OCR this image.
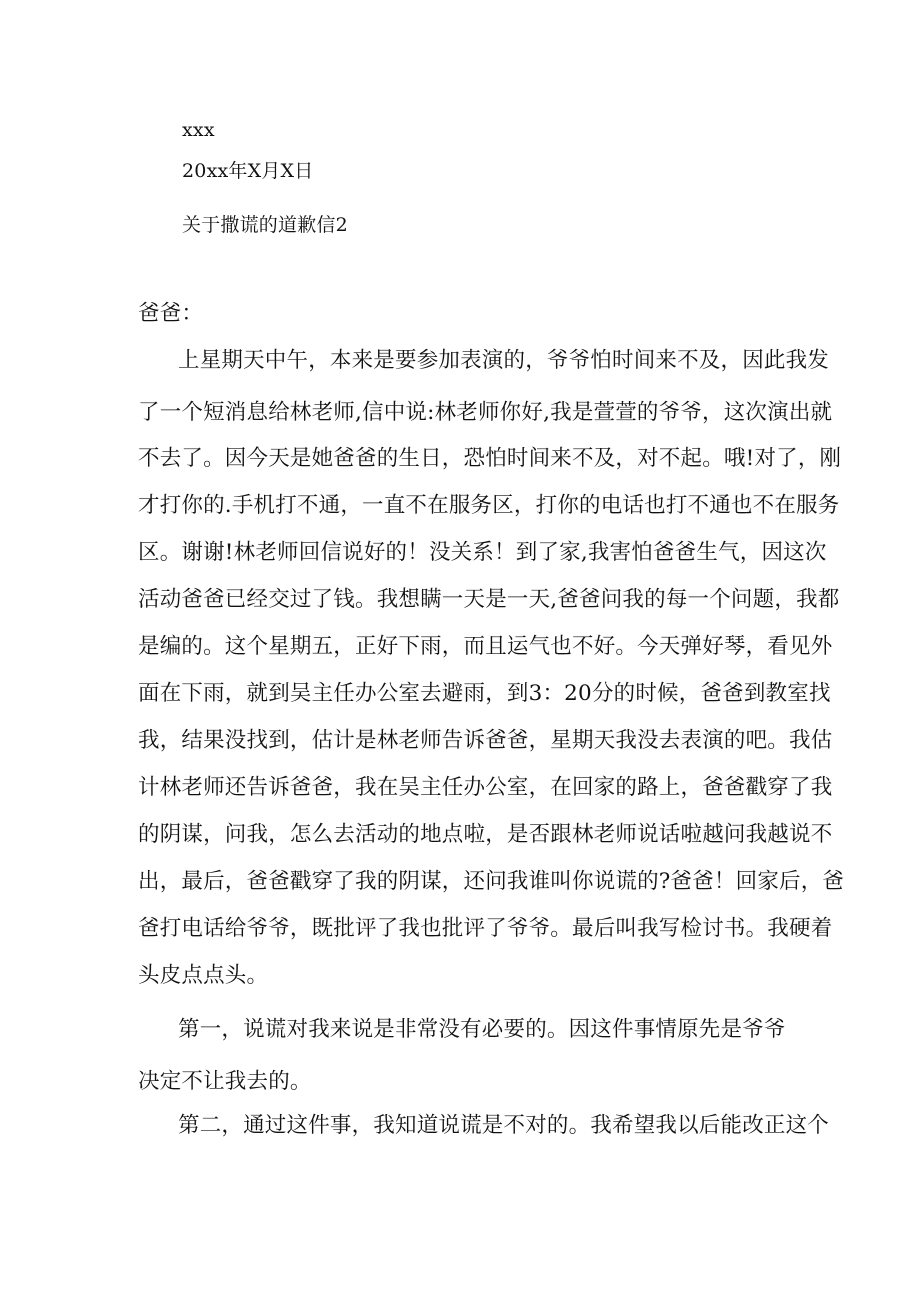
xxx
20xx年X月X日
关于撒谎的道歉信2
爸爸：
上星期天中午，本来是要参加表演的，爷爷怕时间来不及，因此我发
了一个短消息给林老师,信中说:林老师你好,我是萱萱的爷爷，这次演出就
不去了。因今天是她爸爸的生日，恐怕时间来不及，对不起。哦!对了，刚
才打你的.手机打不通，一直不在服务区，打你的电话也打不通也不在服务
区。谢谢!林老师回信说好的！没关系！到了家,我害怕爸爸生气，因这次
活动爸爸已经交过了钱。我想瞒一天是一天,爸爸问我的每一个问题，我都
是编的。这个星期五，正好下雨，而且运气也不好。今天弹好琴，看见外
面在下雨，就到吴主任办公室去避雨，到3：20分的时候，爸爸到教室找
我，结果没找到，估计是林老师告诉爸爸，星期天我没去表演的吧。我估
计林老师还告诉爸爸，我在吴主任办公室，在回家的路上，爸爸戳穿了我
的阴谋，问我，怎么去活动的地点啦，是否跟林老师说话啦越问我越说不
出，最后，爸爸戳穿了我的阴谋，还问我谁叫你说谎的?爸爸！回家后，爸
爸打电话给爷爷，既批评了我也批评了爷爷。最后叫我写检讨书。我硬着
头皮点点头。
第一，说谎对我来说是非常没有必要的。因这件事情原先是爷爷
决定不让我去的。
第二，通过这件事，我知道说谎是不对的。我希望我以后能改正这个
